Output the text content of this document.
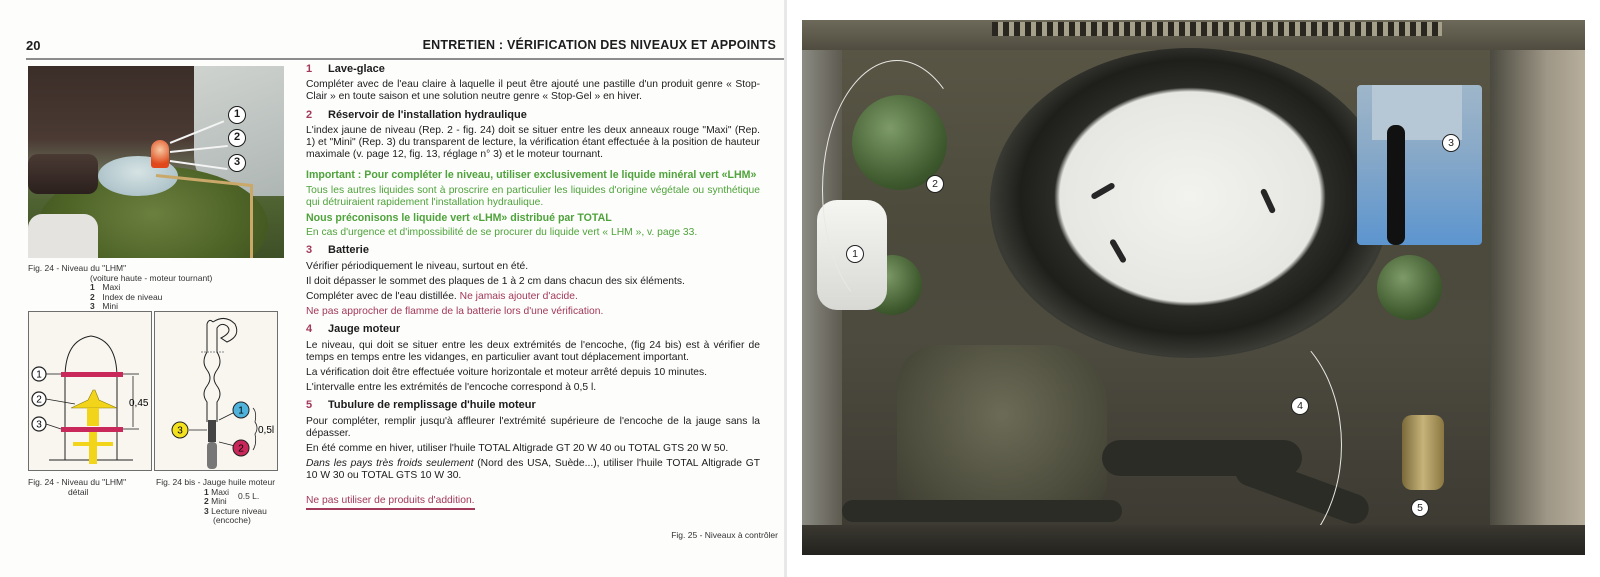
20	ENTRETIEN : VÉRIFICATION DES NIVEAUX ET APPOINTS
1
2
3
Fig. 24 - Niveau du "LHM"
(voiture haute - moteur tournant)
1 Maxi
2 Index de niveau
3 Mini
1
2
3
0,45
1
2
3	0,5l
Fig. 24 - Niveau du "LHM"
détail
Fig. 24 bis - Jauge huile moteur
1 Maxi
2 Mini
0.5 L.
3 Lecture niveau
(encoche)
1	Lave-glace
Compléter avec de l'eau claire à laquelle il peut être ajouté une pastille d'un produit genre « Stop-Clair » en toute saison et une solution neutre genre « Stop-Gel » en hiver.
2	Réservoir de l'installation hydraulique
L'index jaune de niveau (Rep. 2 - fig. 24) doit se situer entre les deux anneaux rouge "Maxi" (Rep. 1) et "Mini" (Rep. 3) du transparent de lecture, la vérification étant effectuée à la position de hauteur maximale (v. page 12, fig. 13, réglage n° 3) et le moteur tournant.
Important : Pour compléter le niveau, utiliser exclusivement le liquide minéral vert «LHM»
Tous les autres liquides sont à proscrire en particulier les liquides d'origine végétale ou synthétique qui détruiraient rapidement l'installation hydraulique.
Nous préconisons le liquide vert «LHM» distribué par TOTAL
En cas d'urgence et d'impossibilité de se procurer du liquide vert « LHM », v. page 33.
3	Batterie
Vérifier périodiquement le niveau, surtout en été.
Il doit dépasser le sommet des plaques de 1 à 2 cm dans chacun des six éléments.
Compléter avec de l'eau distillée. Ne jamais ajouter d'acide.
Ne pas approcher de flamme de la batterie lors d'une vérification.
4	Jauge moteur
Le niveau, qui doit se situer entre les deux extrémités de l'encoche, (fig 24 bis) est à vérifier de temps en temps entre les vidanges, en particulier avant tout déplacement important.
La vérification doit être effectuée voiture horizontale et moteur arrêté depuis 10 minutes.
L'intervalle entre les extrémités de l'encoche correspond à 0,5 l.
5	Tubulure de remplissage d'huile moteur
Pour compléter, remplir jusqu'à affleurer l'extrémité supérieure de l'encoche de la jauge sans la dépasser.
En été comme en hiver, utiliser l'huile TOTAL Altigrade GT 20 W 40 ou TOTAL GTS 20 W 50.
Dans les pays très froids seulement (Nord des USA, Suède...), utiliser l'huile TOTAL Altigrade GT 10 W 30 ou TOTAL GTS 10 W 30.
Ne pas utiliser de produits d'addition.
Fig. 25 - Niveaux à contrôler
1
2
3
4
5
